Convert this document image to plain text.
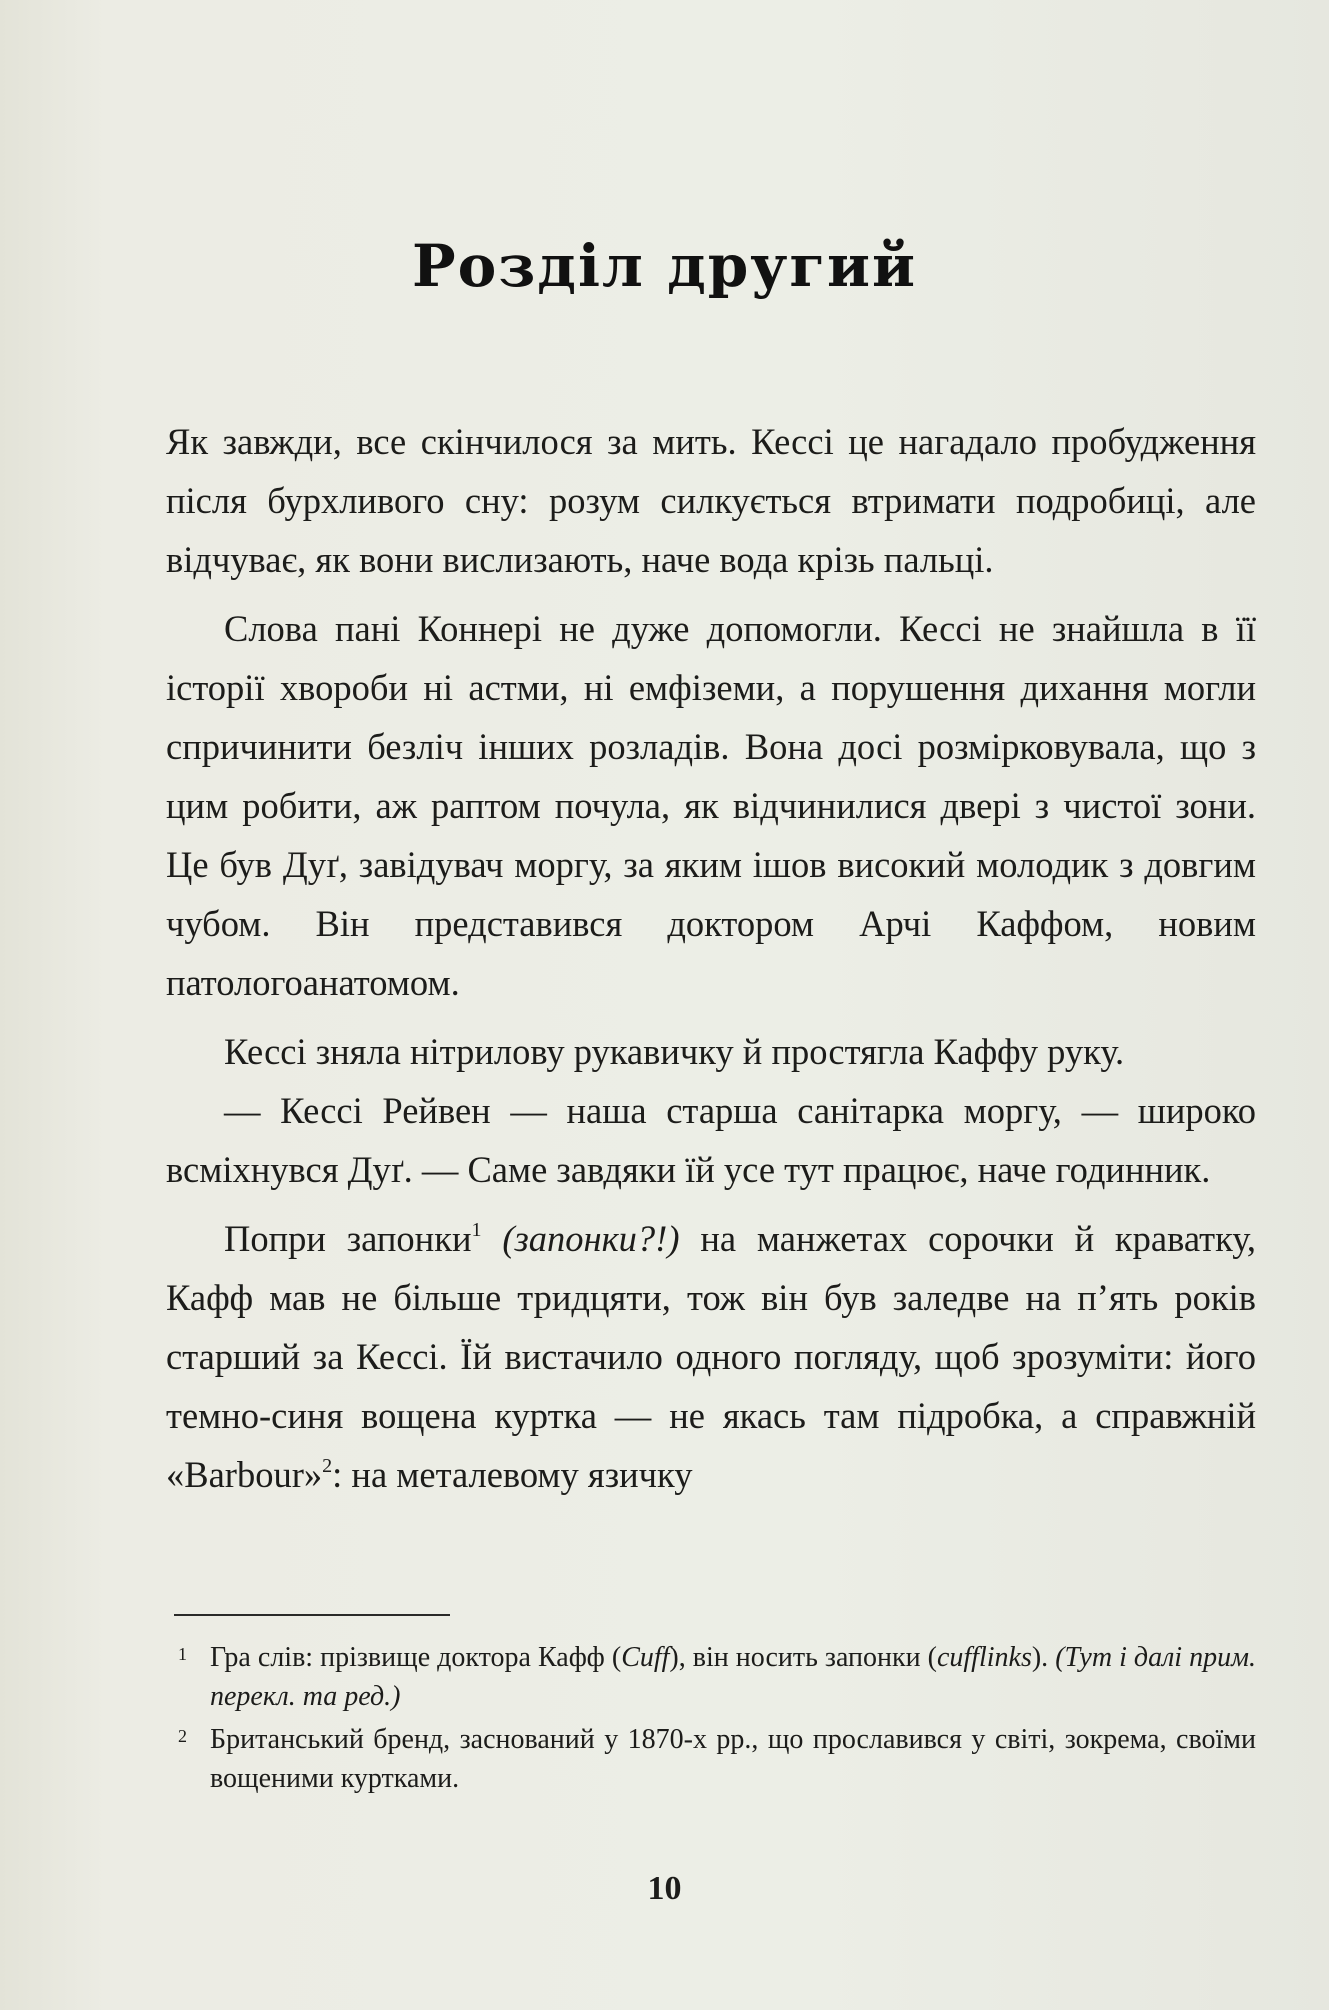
Розділ другий

Як завжди, все скінчилося за мить. Кессі це нагадало пробудження після бурхливого сну: розум силкується втримати подробиці, але відчуває, як вони вислизають, наче вода крізь пальці.

Слова пані Коннері не дуже допомогли. Кессі не знайшла в її історії хвороби ні астми, ні емфіземи, а порушення дихання могли спричинити безліч інших розладів. Вона досі розмірковувала, що з цим робити, аж раптом почула, як відчинилися двері з чистої зони. Це був Дуґ, завідувач моргу, за яким ішов високий молодик з довгим чубом. Він представився доктором Арчі Каффом, новим патологоанатомом.

Кессі зняла нітрилову рукавичку й простягла Каффу руку.

— Кессі Рейвен — наша старша санітарка моргу, — широко всміхнувся Дуґ. — Саме завдяки їй усе тут працює, наче годинник.

Попри запонки$^1$ (запонки?!) на манжетах сорочки й краватку, Кафф мав не більше тридцяти, тож він був заледве на п’ять років старший за Кессі. Їй вистачило одного погляду, щоб зрозуміти: його темно-синя вощена куртка — не якась там підробка, а справжній «Barbour»$^2$: на металевому язичку

1 Гра слів: прізвище доктора Кафф (Cuff), він носить запонки (cufflinks). (Тут і далі прим. перекл. та ред.)
2 Британський бренд, заснований у 1870-х рр., що прославився у світі, зокрема, своїми вощеними куртками.
10
